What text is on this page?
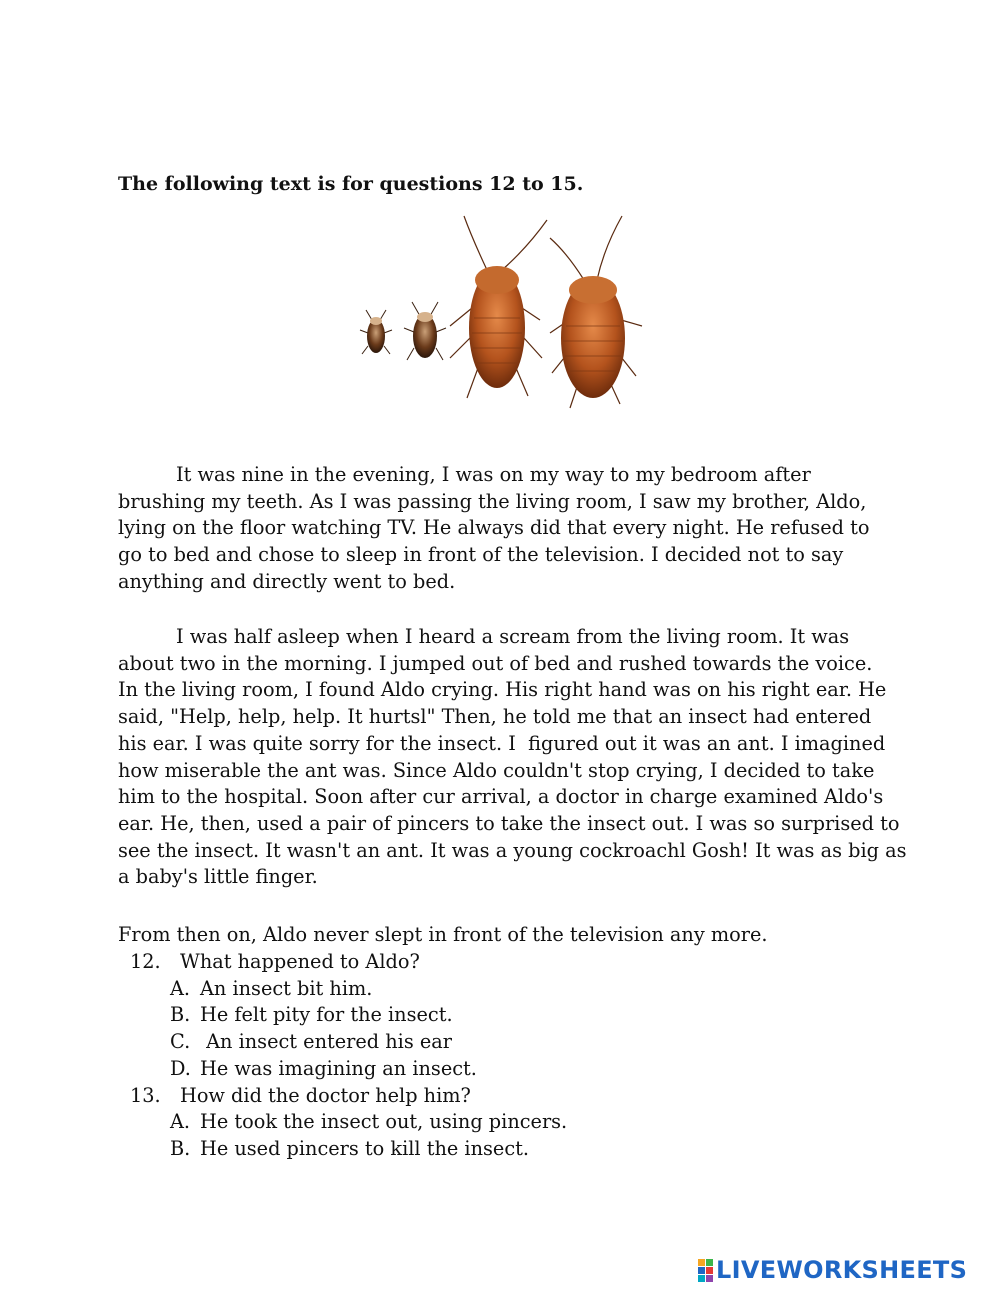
The following text is for questions 12 to 15.
It was nine in the evening, I was on my way to my bedroom after
brushing my teeth. As I was passing the living room, I saw my brother, Aldo,
lying on the floor watching TV. He always did that every night. He refused to
go to bed and chose to sleep in front of the television. I decided not to say
anything and directly went to bed.
I was half asleep when I heard a scream from the living room. It was
about two in the morning. I jumped out of bed and rushed towards the voice.
In the living room, I found Aldo crying. His right hand was on his right ear. He
said, "Help, help, help. It hurtsl" Then, he told me that an insect had entered
his ear. I was quite sorry for the insect. I  figured out it was an ant. I imagined
how miserable the ant was. Since Aldo couldn't stop crying, I decided to take
him to the hospital. Soon after cur arrival, a doctor in charge examined Aldo's
ear. He, then, used a pair of pincers to take the insect out. I was so surprised to
see the insect. It wasn't an ant. It was a young cockroachl Gosh! It was as big as
a baby's little finger.
From then on, Aldo never slept in front of the television any more.
12. What happened to Aldo?
A. An insect bit him.
B. He felt pity for the insect.
C. An insect entered his ear
D. He was imagining an insect.
13. How did the doctor help him?
A. He took the insect out, using pincers.
B. He used pincers to kill the insect.
LIVEWORKSHEETS
